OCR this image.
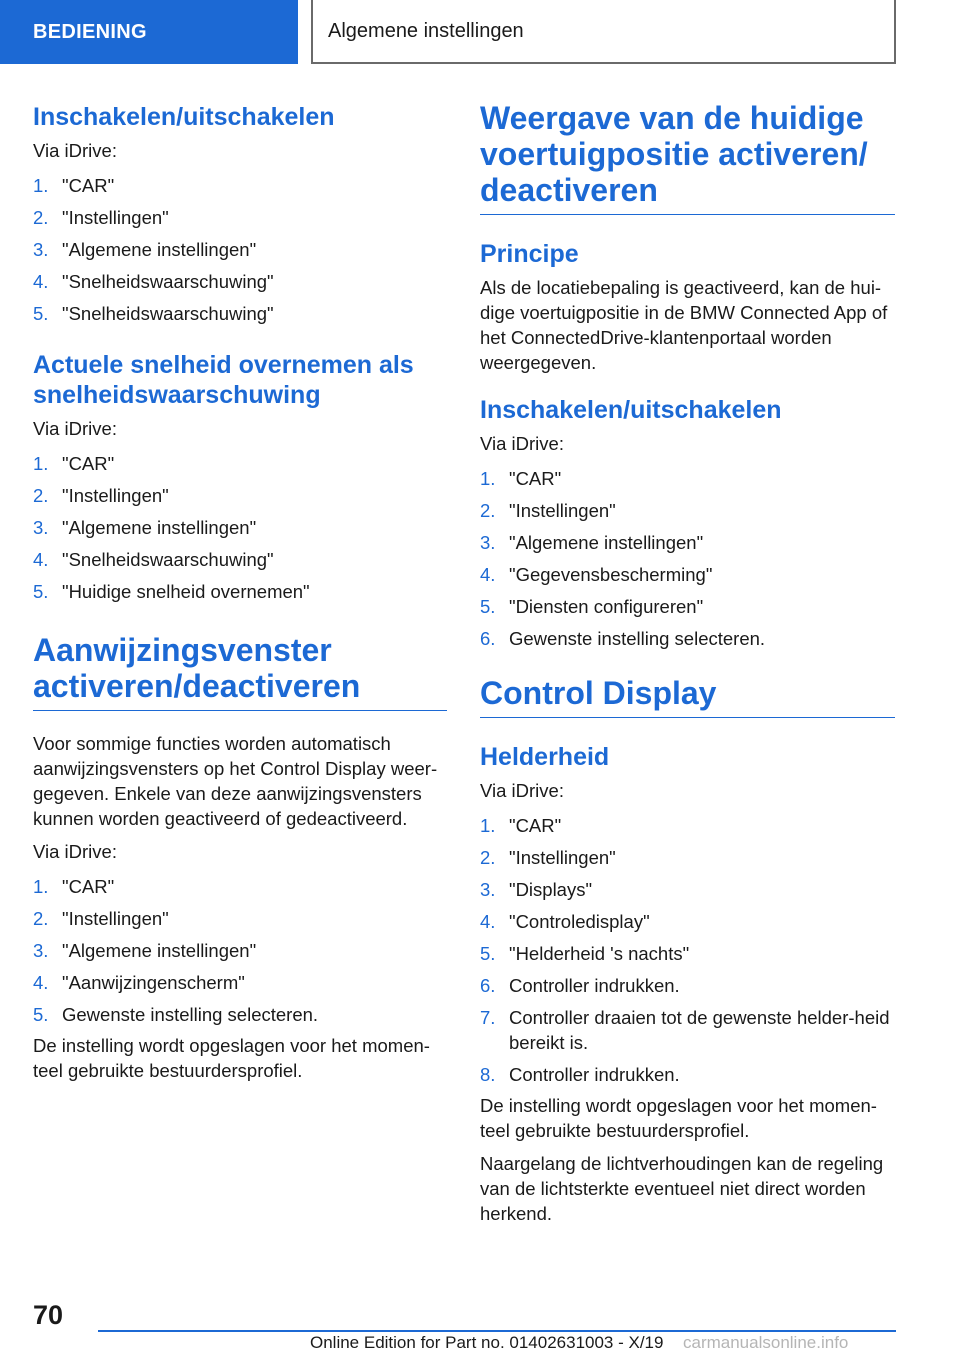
BEDIENING	Algemene instellingen
Inschakelen/uitschakelen

Via iDrive:

1. "CAR"
2. "Instellingen"
3. "Algemene instellingen"
4. "Snelheidswaarschuwing"
5. "Snelheidswaarschuwing"
Actuele snelheid overnemen als snelheidswaarschuwing

Via iDrive:

1. "CAR"
2. "Instellingen"
3. "Algemene instellingen"
4. "Snelheidswaarschuwing"
5. "Huidige snelheid overnemen"
Aanwijzingsvenster activeren/deactiveren

Voor sommige functies worden automatisch aanwijzingsvensters op het Control Display weer-gegeven. Enkele van deze aanwijzingsvensters kunnen worden geactiveerd of gedeactiveerd.

Via iDrive:

1. "CAR"
2. "Instellingen"
3. "Algemene instellingen"
4. "Aanwijzingenscherm"
5. Gewenste instelling selecteren.

De instelling wordt opgeslagen voor het momen-teel gebruikte bestuurdersprofiel.

Weergave van de huidige voertuigpositie activeren/ deactiveren
Principe

Als de locatiebepaling is geactiveerd, kan de hui-dige voertuigpositie in de BMW Connected App of het ConnectedDrive-klantenportaal worden weergegeven.

Inschakelen/uitschakelen

Via iDrive:

1. "CAR"
2. "Instellingen"
3. "Algemene instellingen"
4. "Gegevensbescherming"
5. "Diensten configureren"
6. Gewenste instelling selecteren.
Control Display
Helderheid

Via iDrive:

1. "CAR"
2. "Instellingen"
3. "Displays"
4. "Controledisplay"
5. "Helderheid 's nachts"
6. Controller indrukken.
7. Controller draaien tot de gewenste helder-heid bereikt is.
8. Controller indrukken.

De instelling wordt opgeslagen voor het momen-teel gebruikte bestuurdersprofiel.

Naargelang de lichtverhoudingen kan de regeling van de lichtsterkte eventueel niet direct worden herkend.

70
Online Edition for Part no. 01402631003 - X/19 carmanualsonline.info
